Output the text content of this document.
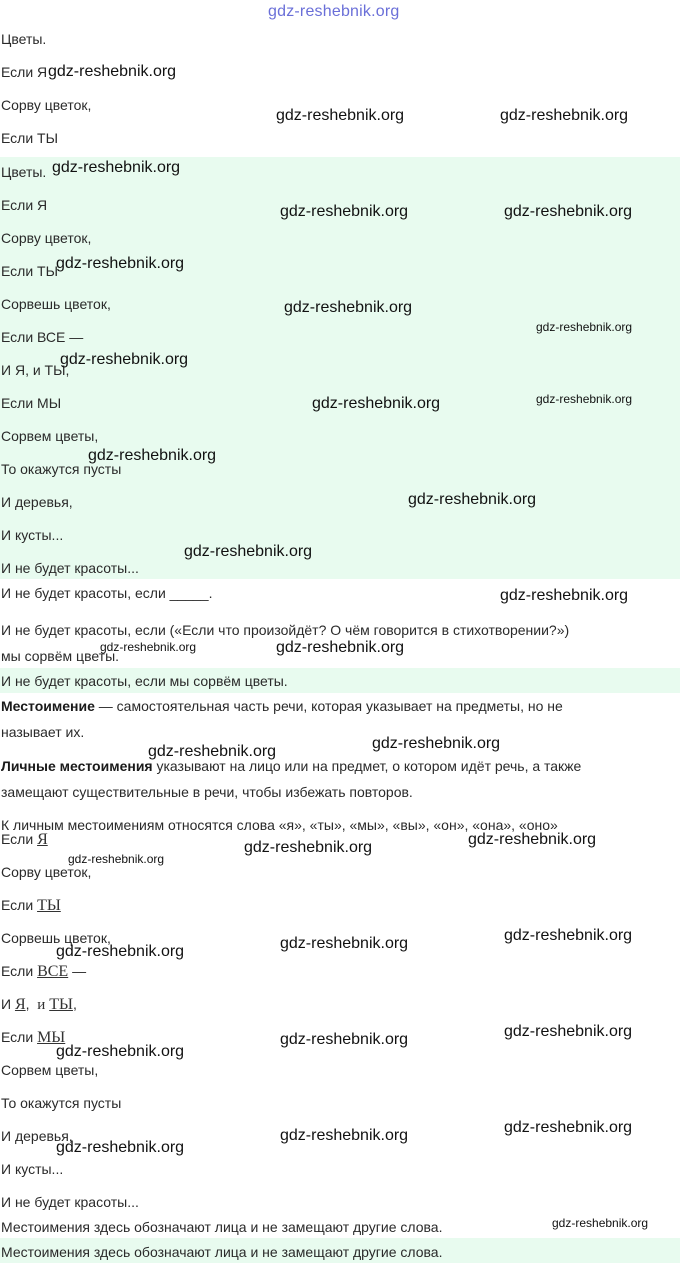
gdz-reshebnik.org
Цветы.
Если Я
Сорву цветок,
Если ТЫ
Цветы.
Если Я
Сорву цветок,
Если ТЫ
Сорвешь цветок,
Если ВСЕ —
И Я, и ТЫ,
Если МЫ
Сорвем цветы,
То окажутся пусты
И деревья,
И кусты...
И не будет красоты...
И не будет красоты, если _____.
И не будет красоты, если («Если что произойдёт? О чём говорится в стихотворении?»)
мы сорвём цветы.
И не будет красоты, если мы сорвём цветы.
Местоимение — самостоятельная часть речи, которая указывает на предметы, но не
называет их.
Личные местоимения указывают на лицо или на предмет, о котором идёт речь, а также
замещают существительные в речи, чтобы избежать повторов.
К личным местоимениям относятся слова «я», «ты», «мы», «вы», «он», «она», «оно»
Если Я
Сорву цветок,
Если ТЫ
Сорвешь цветок,
Если ВСЕ —
И Я,  и ТЫ,
Если МЫ
Сорвем цветы,
То окажутся пусты
И деревья,
И кусты...
И не будет красоты...
Местоимения здесь обозначают лица и не замещают другие слова.
Местоимения здесь обозначают лица и не замещают другие слова.
gdz-reshebnik.org
gdz-reshebnik.org	gdz-reshebnik.org
gdz-reshebnik.org
gdz-reshebnik.org	gdz-reshebnik.org
gdz-reshebnik.org
gdz-reshebnik.org
gdz-reshebnik.org
gdz-reshebnik.org
gdz-reshebnik.org	gdz-reshebnik.org
gdz-reshebnik.org
gdz-reshebnik.org
gdz-reshebnik.org
gdz-reshebnik.org
gdz-reshebnik.org	gdz-reshebnik.org
gdz-reshebnik.org
gdz-reshebnik.org
gdz-reshebnik.org
gdz-reshebnik.org
gdz-reshebnik.org
gdz-reshebnik.org
gdz-reshebnik.org
gdz-reshebnik.org
gdz-reshebnik.org
gdz-reshebnik.org
gdz-reshebnik.org
gdz-reshebnik.org
gdz-reshebnik.org
gdz-reshebnik.org
gdz-reshebnik.org
